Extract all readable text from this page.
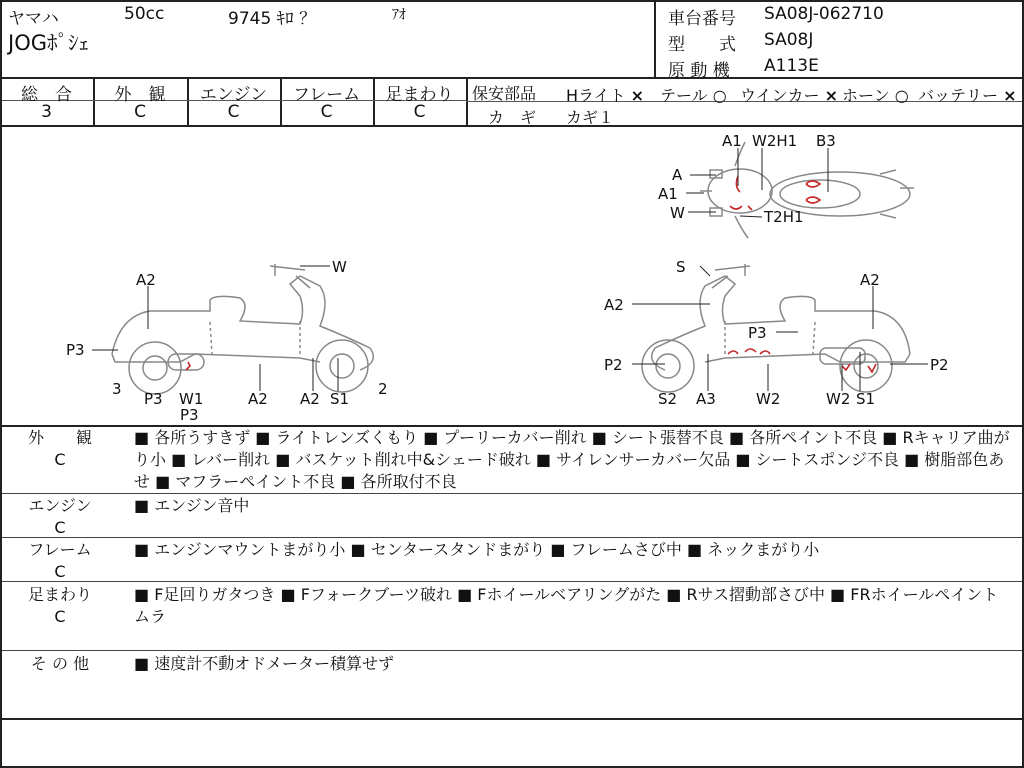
ヤマハ	50cc	9745 ｷﾛ ？	ｱｵ
JOGﾎﾟｼｪ
車台番号 SA08J-062710
型　　式 SA08J
原 動 機 A113E
総　合
3
外　観
C
エンジン
C
フレーム
C
足まわり
C
保安部品 Hライト × テール ○ ウインカー × ホーン ○ バッテリー ×
カ　ギ カギ１
W
A2
P3
3
P3 W1
P3
A2 A2 S1
2
S
A2
A2
P3
P2	P2
S2 A3	W2	W2 S1
A1 W2H1 B3
A
A1
W	T2H1
外　　観
C
■ 各所うすきず ■ ライトレンズくもり ■ プーリーカバー削れ ■ シート張替不良 ■ 各所ペイント不良 ■ Rキャリア曲がり小 ■ レバー削れ ■ バスケット削れ中&シェード破れ ■ サイレンサーカバー欠品 ■ シートスポンジ不良 ■ 樹脂部色あせ ■ マフラーペイント不良 ■ 各所取付不良
エンジン
C
■ エンジン音中
フレーム
C
■ エンジンマウントまがり小 ■ センタースタンドまがり ■ フレームさび中 ■ ネックまがり小
足まわり
C
■ F足回りガタつき ■ Fフォークブーツ破れ ■ Fホイールベアリングがた ■ Rサス摺動部さび中 ■ FRホイールペイントムラ
そ の 他	■ 速度計不動オドメーター積算せず
